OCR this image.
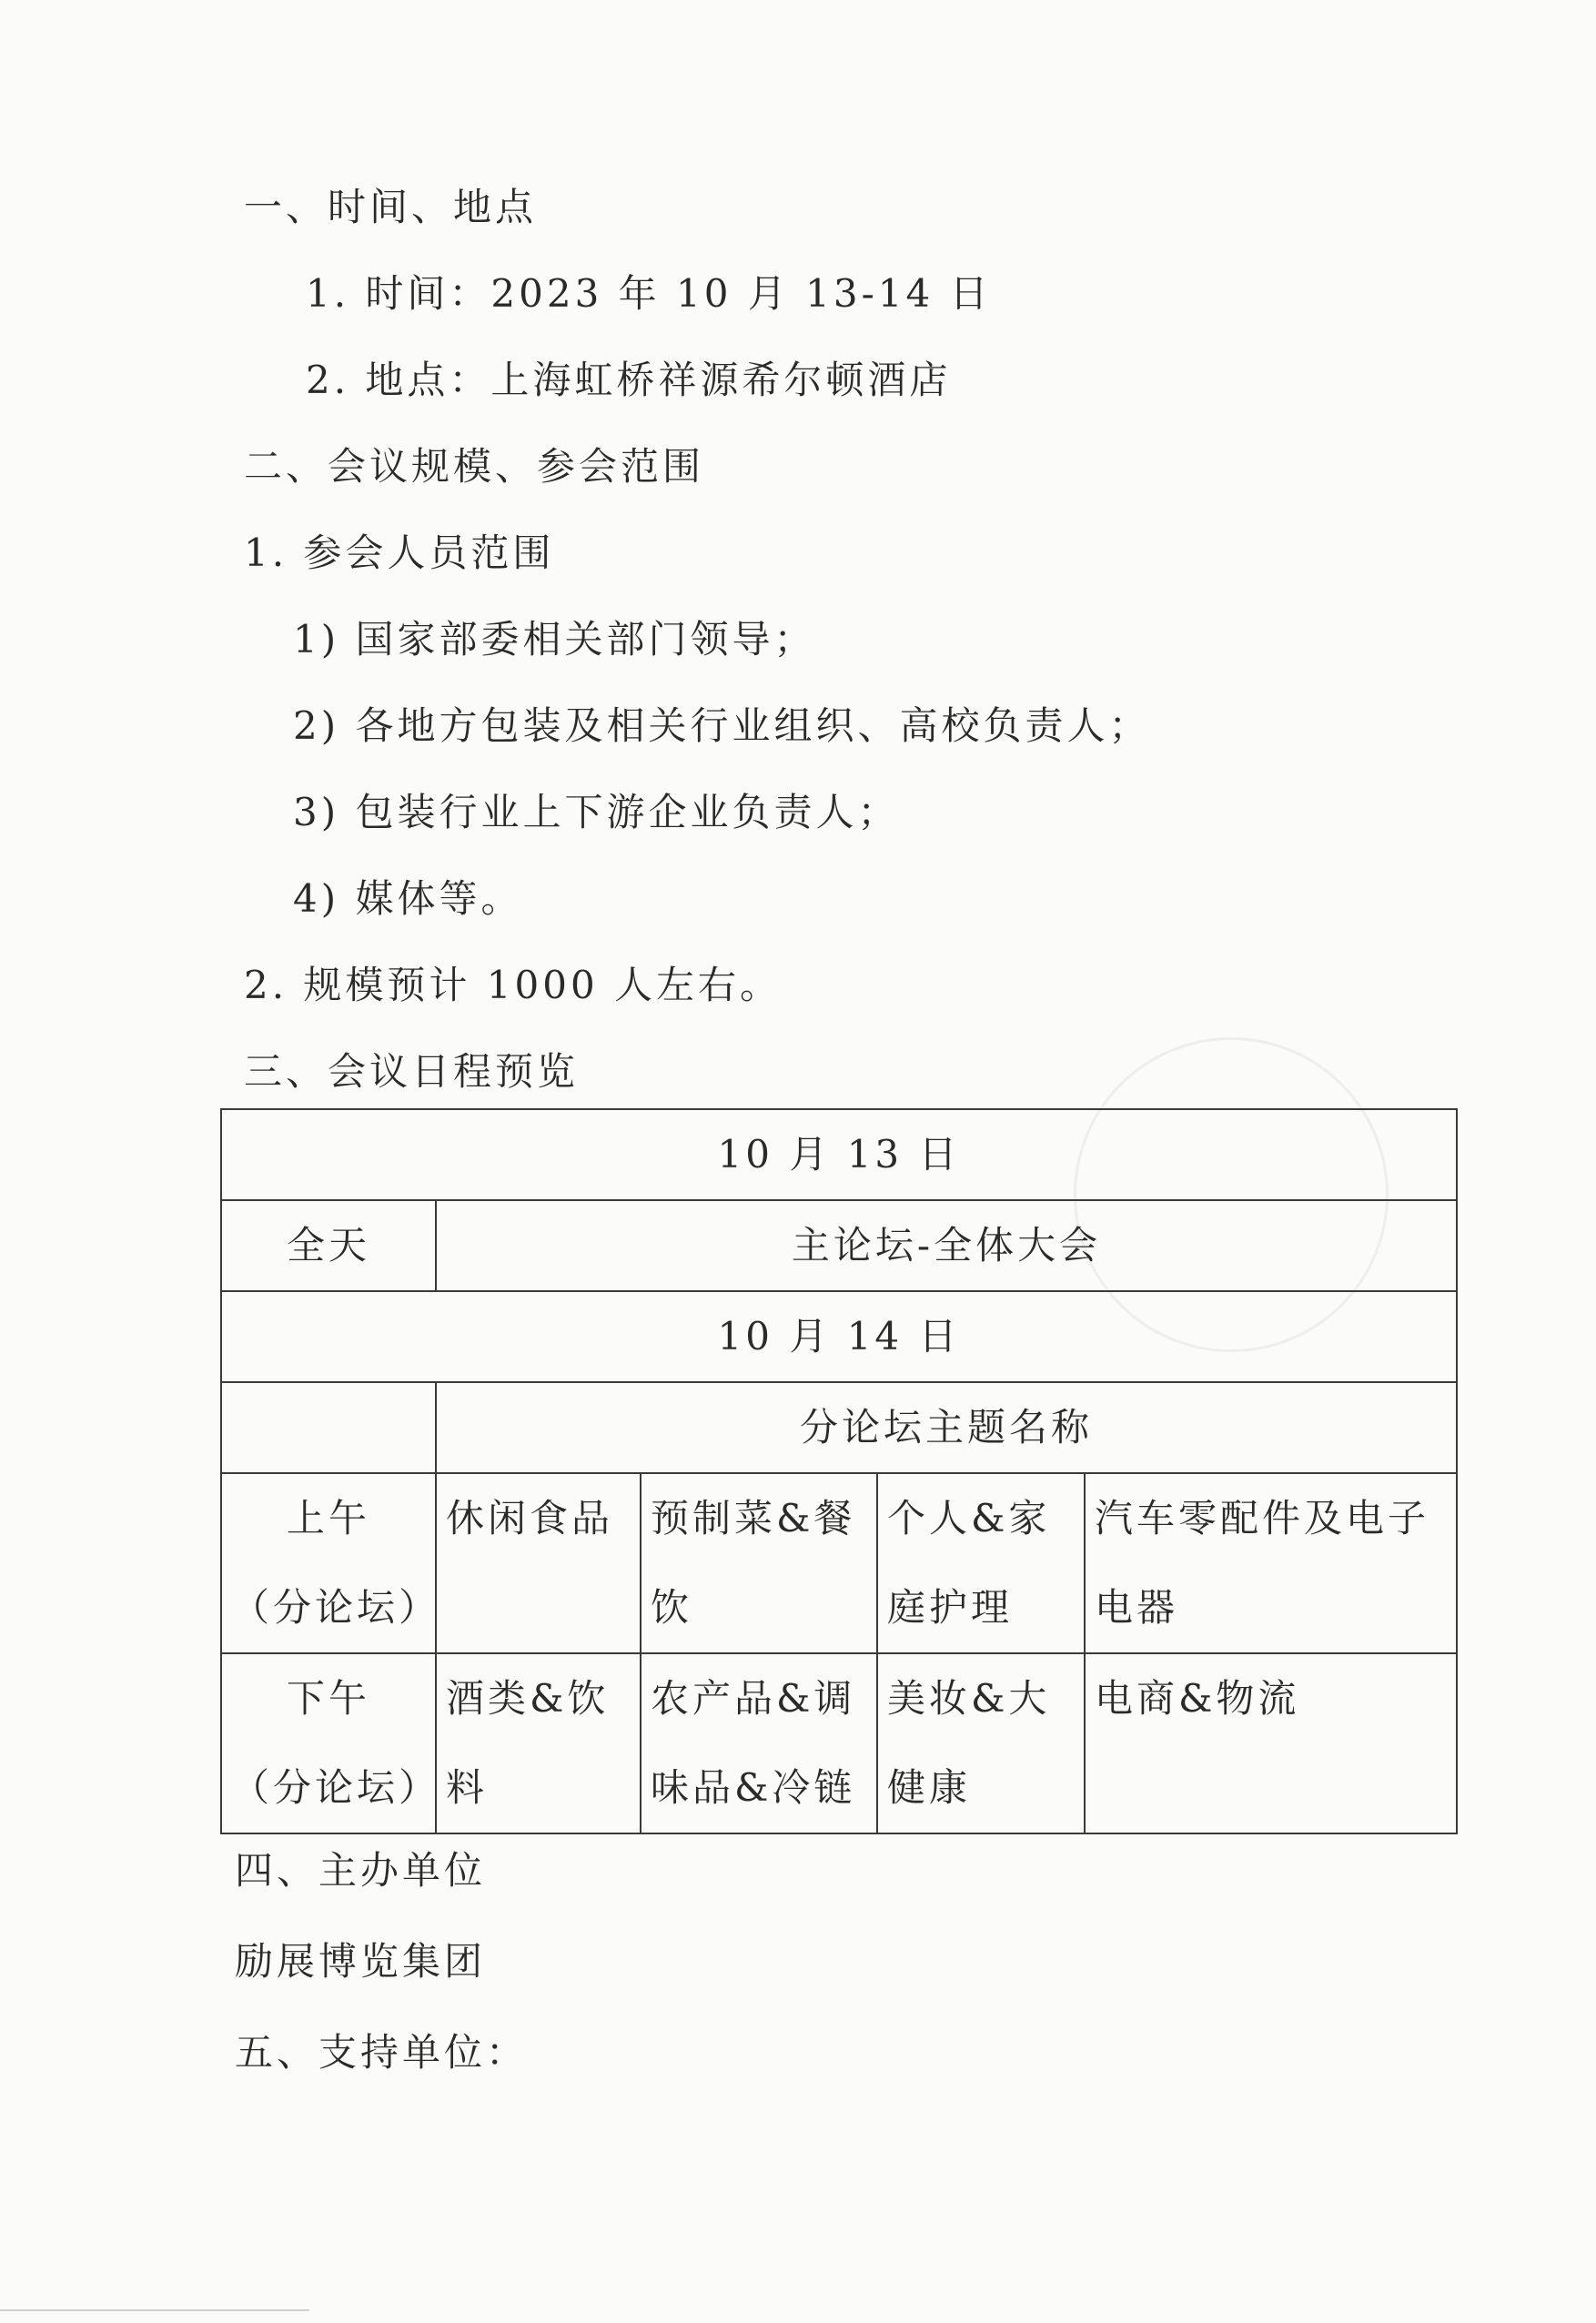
一、时间、地点
1. 时间：2023 年 10 月 13-14 日
2. 地点：上海虹桥祥源希尔顿酒店
二、会议规模、参会范围
1. 参会人员范围
1) 国家部委相关部门领导；
2) 各地方包装及相关行业组织、高校负责人；
3) 包装行业上下游企业负责人；
4) 媒体等。
2. 规模预计 1000 人左右。
三、会议日程预览
10 月 13 日				
全天	主论坛-全体大会			
10 月 14 日				
	分论坛主题名称			
上午
（分论坛）	休闲食品	预制菜&餐饮	个人&家庭护理	汽车零配件及电子电器
下午
（分论坛）	酒类&饮料	农产品&调味品&冷链	美妆&大健康	电商&物流
四、主办单位
励展博览集团
五、支持单位：
